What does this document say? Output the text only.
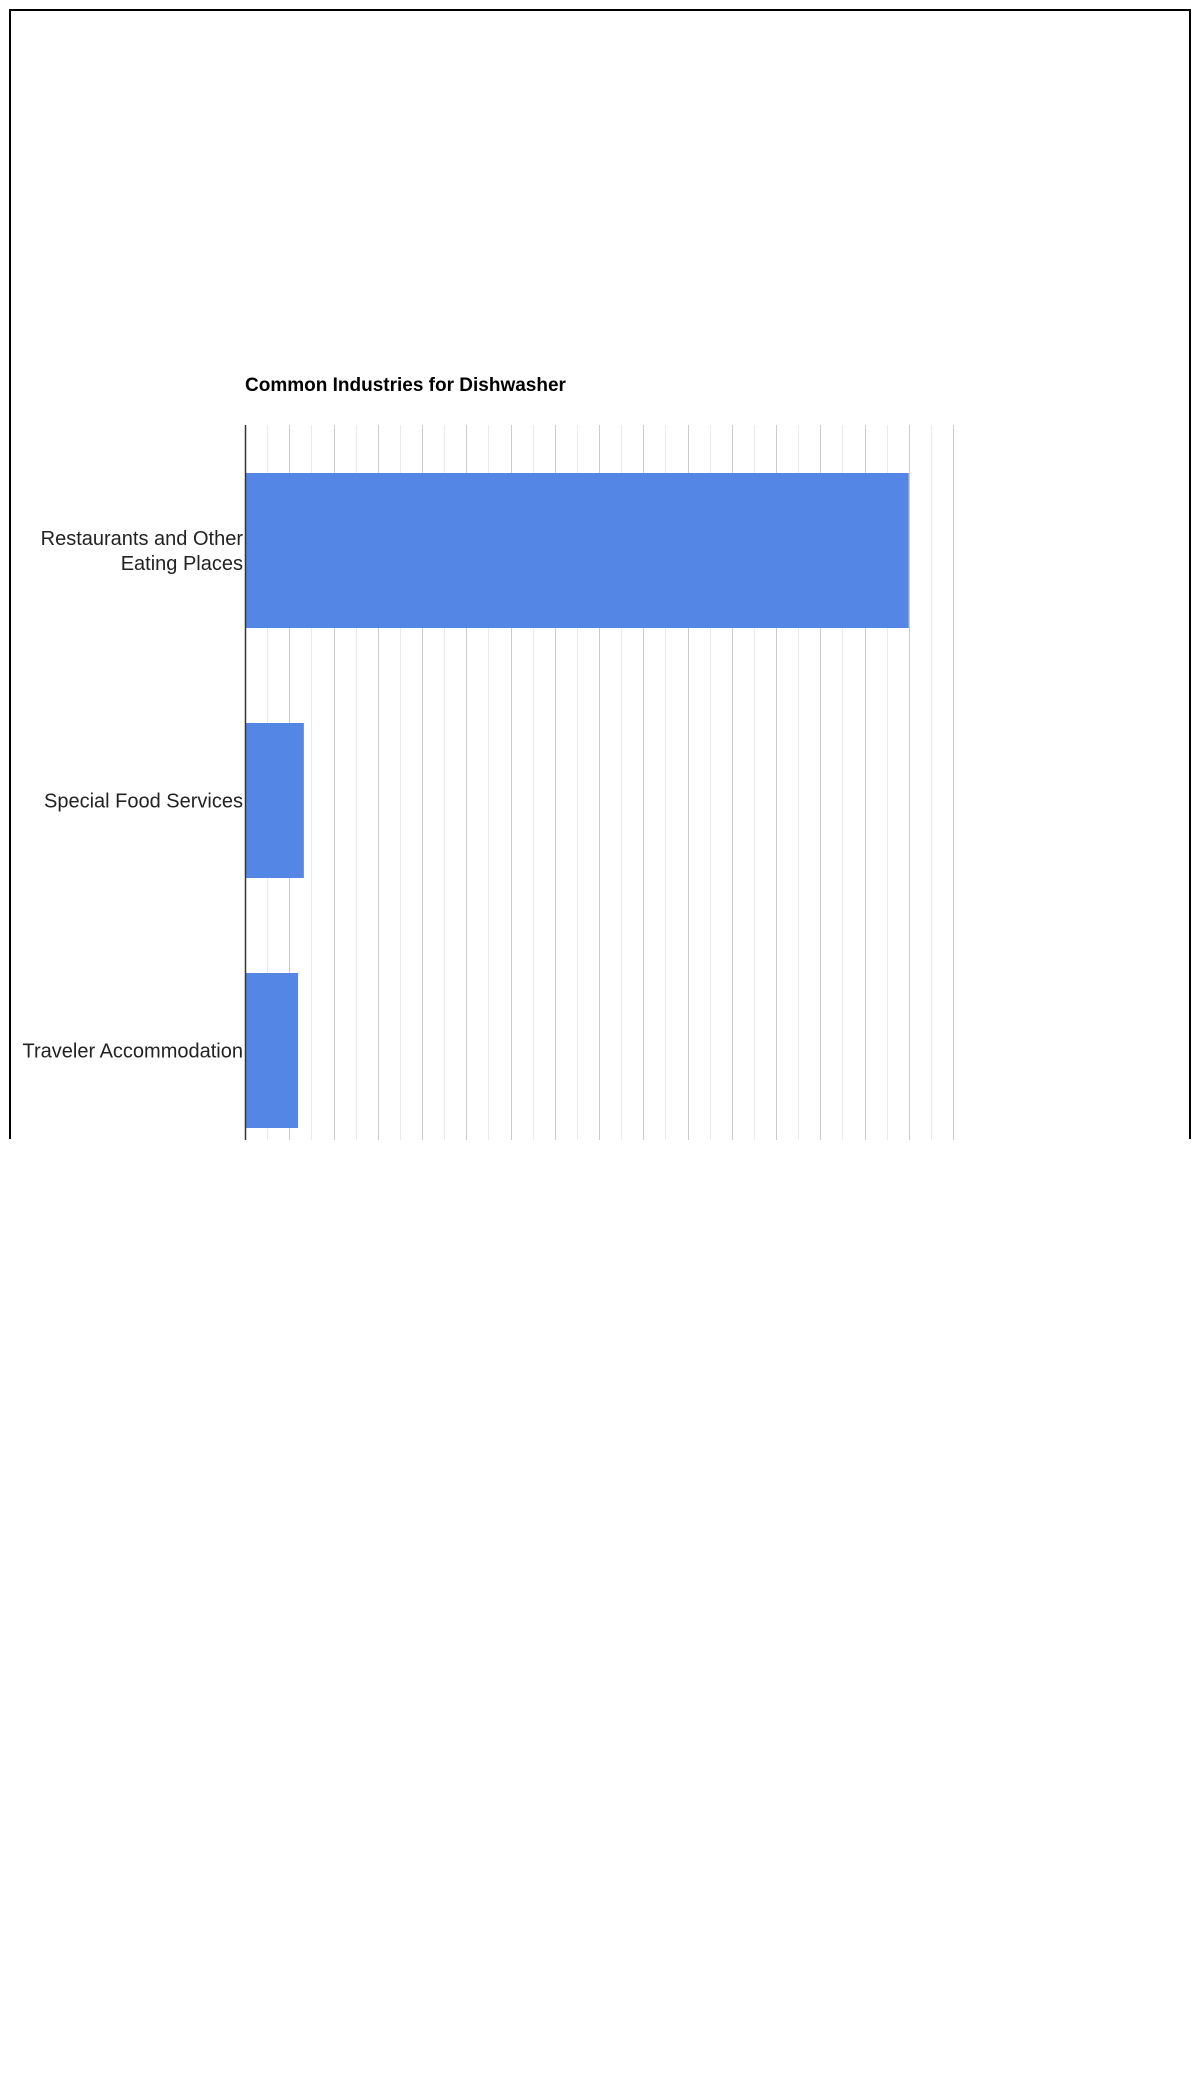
Common Industries for Dishwasher
Restaurants and Other
Eating Places
Special Food Services
Traveler Accommodation
